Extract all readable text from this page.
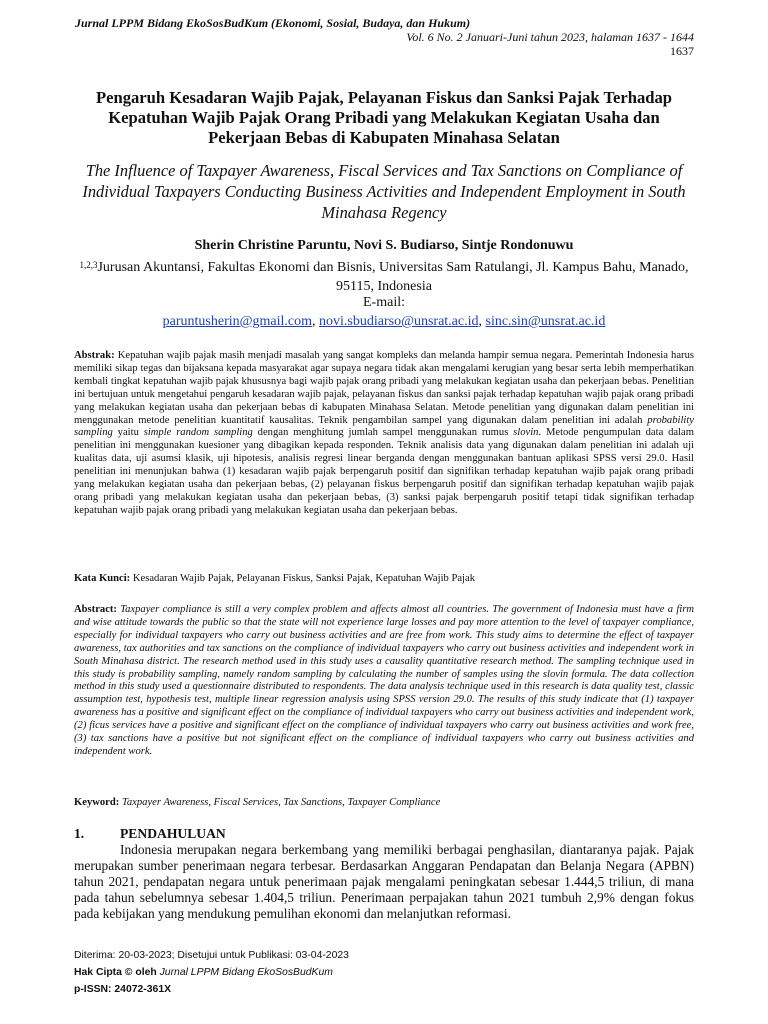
Jurnal LPPM Bidang EkoSosBudKum (Ekonomi, Sosial, Budaya, dan Hukum)
Vol. 6 No. 2 Januari-Juni tahun 2023, halaman 1637 - 1644
1637
Pengaruh Kesadaran Wajib Pajak, Pelayanan Fiskus dan Sanksi Pajak Terhadap Kepatuhan Wajib Pajak Orang Pribadi yang Melakukan Kegiatan Usaha dan Pekerjaan Bebas di Kabupaten Minahasa Selatan
The Influence of Taxpayer Awareness, Fiscal Services and Tax Sanctions on Compliance of Individual Taxpayers Conducting Business Activities and Independent Employment in South Minahasa Regency
Sherin Christine Paruntu, Novi S. Budiarso, Sintje Rondonuwu
$^{1,2,3}$Jurusan Akuntansi, Fakultas Ekonomi dan Bisnis, Universitas Sam Ratulangi, Jl. Kampus Bahu, Manado, 95115, Indonesia
E-mail:
paruntusherin@gmail.com, novi.sbudiarso@unsrat.ac.id, sinc.sin@unsrat.ac.id
Abstrak: Kepatuhan wajib pajak masih menjadi masalah yang sangat kompleks dan melanda hampir semua negara. Pemerintah Indonesia harus memiliki sikap tegas dan bijaksana kepada masyarakat agar supaya negara tidak akan mengalami kerugian yang besar serta lebih memperhatikan kembali tingkat kepatuhan wajib pajak khususnya bagi wajib pajak orang pribadi yang melakukan kegiatan usaha dan pekerjaan bebas. Penelitian ini bertujuan untuk mengetahui pengaruh kesadaran wajib pajak, pelayanan fiskus dan sanksi pajak terhadap kepatuhan wajib pajak orang pribadi yang melakukan kegiatan usaha dan pekerjaan bebas di kabupaten Minahasa Selatan. Metode penelitian yang digunakan dalam penelitian ini menggunakan metode penelitian kuantitatif kausalitas. Teknik pengambilan sampel yang digunakan dalam penelitian ini adalah probability sampling yaitu simple random sampling dengan menghitung jumlah sampel menggunakan rumus slovin. Metode pengumpulan data dalam penelitian ini menggunakan kuesioner yang dibagikan kepada responden. Teknik analisis data yang digunakan dalam penelitian ini adalah uji kualitas data, uji asumsi klasik, uji hipotesis, analisis regresi linear berganda dengan menggunakan bantuan aplikasi SPSS versi 29.0. Hasil penelitian ini menunjukan bahwa (1) kesadaran wajib pajak berpengaruh positif dan signifikan terhadap kepatuhan wajib pajak orang pribadi yang melakukan kegiatan usaha dan pekerjaan bebas, (2) pelayanan fiskus berpengaruh positif dan signifikan terhadap kepatuhan wajib pajak orang pribadi yang melakukan kegiatan usaha dan pekerjaan bebas, (3) sanksi pajak berpengaruh positif tetapi tidak signifikan terhadap kepatuhan wajib pajak orang pribadi yang melakukan kegiatan usaha dan pekerjaan bebas.
Kata Kunci: Kesadaran Wajib Pajak, Pelayanan Fiskus, Sanksi Pajak, Kepatuhan Wajib Pajak
Abstract: Taxpayer compliance is still a very complex problem and affects almost all countries. The government of Indonesia must have a firm and wise attitude towards the public so that the state will not experience large losses and pay more attention to the level of taxpayer compliance, especially for individual taxpayers who carry out business activities and are free from work. This study aims to determine the effect of taxpayer awareness, tax authorities and tax sanctions on the compliance of individual taxpayers who carry out business activities and independent work in South Minahasa district. The research method used in this study uses a causality quantitative research method. The sampling technique used in this study is probability sampling, namely random sampling by calculating the number of samples using the slovin formula. The data collection method in this study used a questionnaire distributed to respondents. The data analysis technique used in this research is data quality test, classic assumption test, hypothesis test, multiple linear regression analysis using SPSS version 29.0. The results of this study indicate that (1) taxpayer awareness has a positive and significant effect on the compliance of individual taxpayers who carry out business activities and independent work, (2) ficus services have a positive and significant effect on the compliance of individual taxpayers who carry out business activities and work free, (3) tax sanctions have a positive but not significant effect on the compliance of individual taxpayers who carry out business activities and independent work.
Keyword: Taxpayer Awareness, Fiscal Services, Tax Sanctions, Taxpayer Compliance
1.	PENDAHULUAN
Indonesia merupakan negara berkembang yang memiliki berbagai penghasilan, diantaranya pajak. Pajak merupakan sumber penerimaan negara terbesar. Berdasarkan Anggaran Pendapatan dan Belanja Negara (APBN) tahun 2021, pendapatan negara untuk penerimaan pajak mengalami peningkatan sebesar 1.444,5 triliun, di mana pada tahun sebelumnya sebesar 1.404,5 triliun. Penerimaan perpajakan tahun 2021 tumbuh 2,9% dengan fokus pada kebijakan yang mendukung pemulihan ekonomi dan melanjutkan reformasi.
Diterima: 20-03-2023; Disetujui untuk Publikasi: 03-04-2023
Hak Cipta © oleh Jurnal LPPM Bidang EkoSosBudKum
p-ISSN: 24072-361X
